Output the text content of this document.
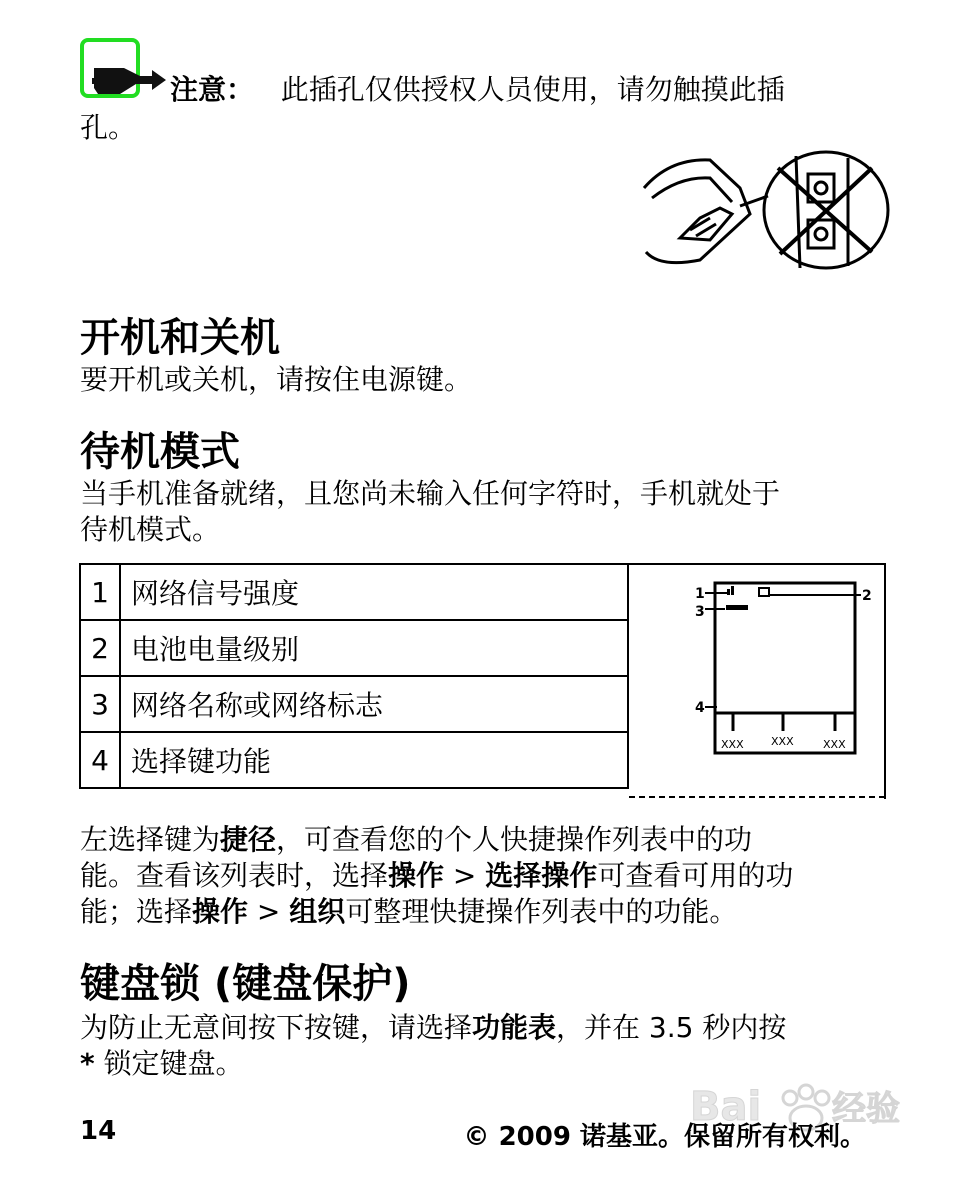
注意： 此插孔仅供授权人员使用，请勿触摸此插
孔。
开机和关机
要开机或关机，请按住电源键。
待机模式
当手机准备就绪，且您尚未输入任何字符时，手机就处于
待机模式。
1	网络信号强度
2	电池电量级别
3	网络名称或网络标志
4	选择键功能
1	2
3
4
XXX XXX	XXX
左选择键为捷径，可查看您的个人快捷操作列表中的功
能。查看该列表时，选择操作 > 选择操作可查看可用的功
能；选择操作 > 组织可整理快捷操作列表中的功能。
键盘锁 (键盘保护)
为防止无意间按下按键，请选择功能表，并在 3.5 秒内按
* 锁定键盘。
Bai 经验
14	© 2009 诺基亚。保留所有权利。
